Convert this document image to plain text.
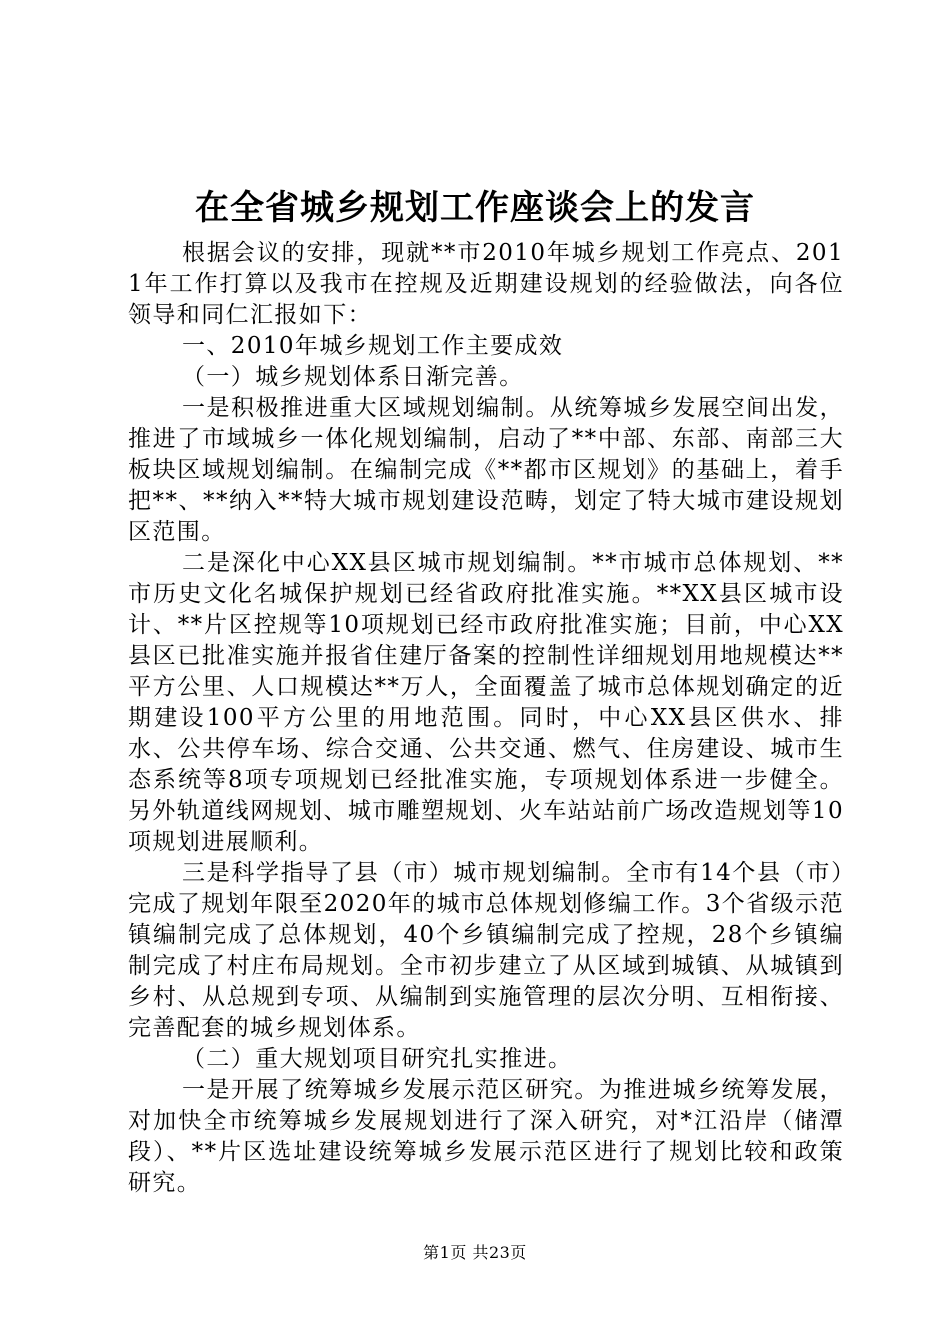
在全省城乡规划工作座谈会上的发言

根据会议的安排，现就**市2010年城乡规划工作亮点、2011年工作打算以及我市在控规及近期建设规划的经验做法，向各位领导和同仁汇报如下：

一、2010年城乡规划工作主要成效

（一）城乡规划体系日渐完善。

一是积极推进重大区域规划编制。从统筹城乡发展空间出发，推进了市域城乡一体化规划编制，启动了**中部、东部、南部三大板块区域规划编制。在编制完成《**都市区规划》的基础上，着手把**、**纳入**特大城市规划建设范畴，划定了特大城市建设规划区范围。

二是深化中心XX县区城市规划编制。**市城市总体规划、**市历史文化名城保护规划已经省政府批准实施。**XX县区城市设计、**片区控规等10项规划已经市政府批准实施；目前，中心XX县区已批准实施并报省住建厅备案的控制性详细规划用地规模达**平方公里、人口规模达**万人，全面覆盖了城市总体规划确定的近期建设100平方公里的用地范围。同时，中心XX县区供水、排水、公共停车场、综合交通、公共交通、燃气、住房建设、城市生态系统等8项专项规划已经批准实施，专项规划体系进一步健全。另外轨道线网规划、城市雕塑规划、火车站站前广场改造规划等10项规划进展顺利。

三是科学指导了县（市）城市规划编制。全市有14个县（市）完成了规划年限至2020年的城市总体规划修编工作。3个省级示范镇编制完成了总体规划，40个乡镇编制完成了控规，28个乡镇编制完成了村庄布局规划。全市初步建立了从区域到城镇、从城镇到乡村、从总规到专项、从编制到实施管理的层次分明、互相衔接、完善配套的城乡规划体系。

（二）重大规划项目研究扎实推进。

一是开展了统筹城乡发展示范区研究。为推进城乡统筹发展，对加快全市统筹城乡发展规划进行了深入研究，对*江沿岸（储潭段）、**片区选址建设统筹城乡发展示范区进行了规划比较和政策研究。

第1页 共23页
